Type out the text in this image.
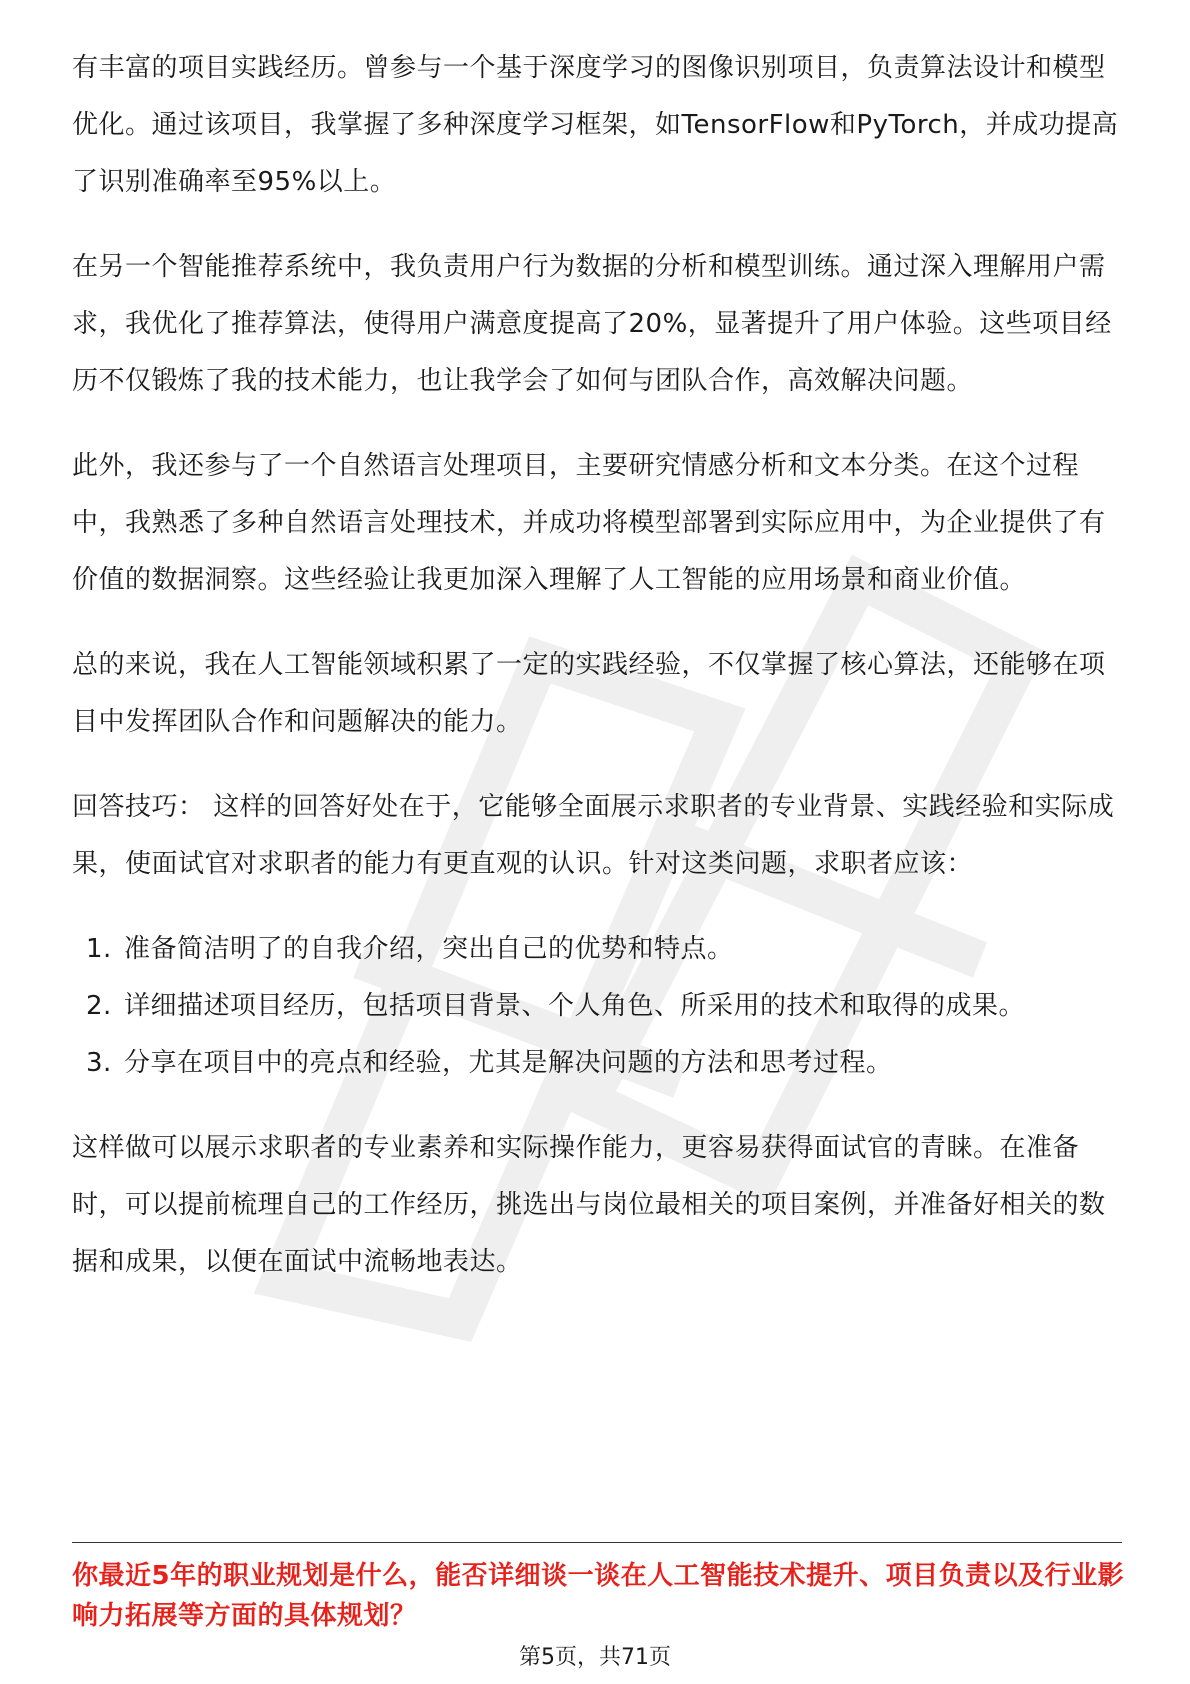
有丰富的项目实践经历。曾参与一个基于深度学习的图像识别项目，负责算法设计和模型优化。通过该项目，我掌握了多种深度学习框架，如TensorFlow和PyTorch，并成功提高了识别准确率至95%以上。

在另一个智能推荐系统中，我负责用户行为数据的分析和模型训练。通过深入理解用户需求，我优化了推荐算法，使得用户满意度提高了20%，显著提升了用户体验。这些项目经历不仅锻炼了我的技术能力，也让我学会了如何与团队合作，高效解决问题。

此外，我还参与了一个自然语言处理项目，主要研究情感分析和文本分类。在这个过程中，我熟悉了多种自然语言处理技术，并成功将模型部署到实际应用中，为企业提供了有价值的数据洞察。这些经验让我更加深入理解了人工智能的应用场景和商业价值。

总的来说，我在人工智能领域积累了一定的实践经验，不仅掌握了核心算法，还能够在项目中发挥团队合作和问题解决的能力。

回答技巧： 这样的回答好处在于，它能够全面展示求职者的专业背景、实践经验和实际成果，使面试官对求职者的能力有更直观的认识。针对这类问题，求职者应该：

1. 准备简洁明了的自我介绍，突出自己的优势和特点。
2. 详细描述项目经历，包括项目背景、个人角色、所采用的技术和取得的成果。
3. 分享在项目中的亮点和经验，尤其是解决问题的方法和思考过程。

这样做可以展示求职者的专业素养和实际操作能力，更容易获得面试官的青睐。在准备时，可以提前梳理自己的工作经历，挑选出与岗位最相关的项目案例，并准备好相关的数据和成果，以便在面试中流畅地表达。

你最近5年的职业规划是什么，能否详细谈一谈在人工智能技术提升、项目负责以及行业影响力拓展等方面的具体规划？
第5页，共71页
